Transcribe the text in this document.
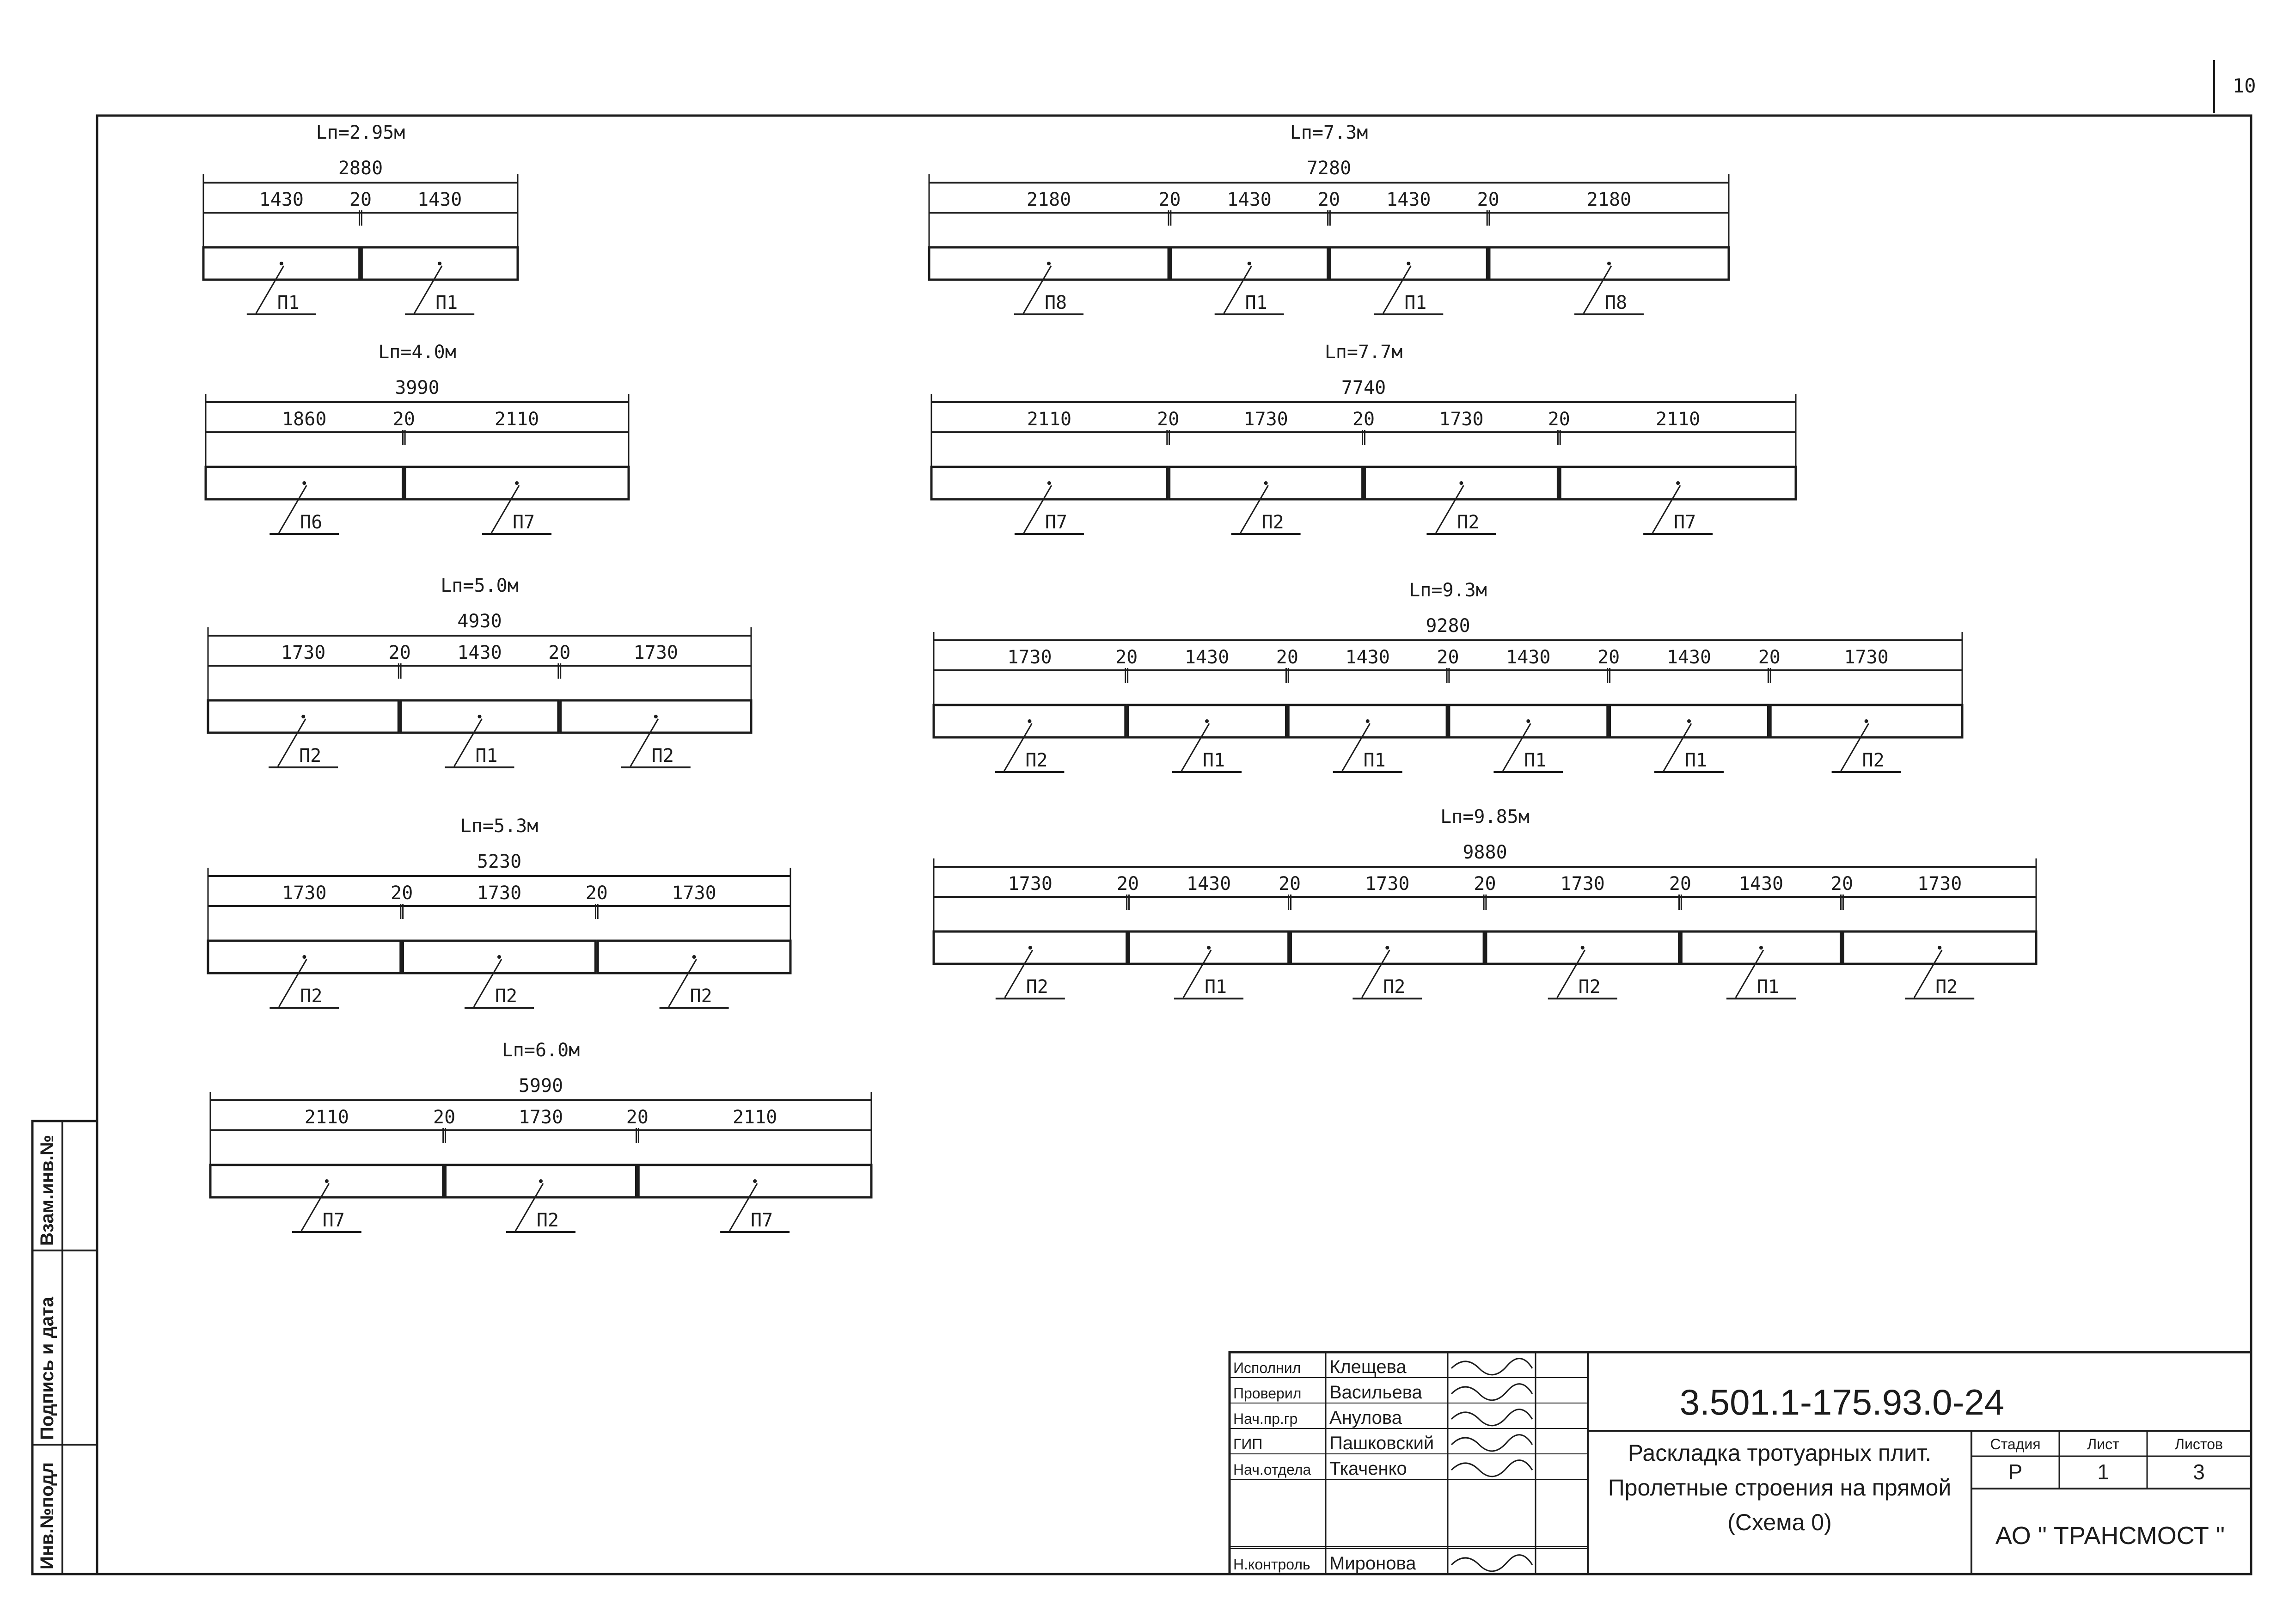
10
Инв.№подл
Подпись и дата
Взам.инв.№
Lп=2.95м
2880
1430
П1
20 1430
П1
Lп=4.0м
3990
1860
П6
20	2110
П7
Lп=5.0м
4930
1730
П2
20	1430
П1
20	1730
П2
Lп=5.3м
5230
1730
П2
20	1730
П2
20	1730
П2
Lп=6.0м
5990
2110
П7
20	1730
П2
20	2110
П7
Lп=7.3м
7280
2180
П8
20	1430
П1
20	1430
П1
20	2180
П8
Lп=7.7м
7740
2110
П7
20	1730
П2
20	1730
П2
20	2110
П7
Lп=9.3м
9280
1730
П2
20	1430
П1
20	1430
П1
20	1430
П1
20	1430
П1
20	1730
П2
Lп=9.85м
9880
1730
П2
20	1430
П1
20	1730
П2
20	1730
П2
20	1430
П1
20	1730
П2
Исполнил Клещева
Проверил Васильева
Нач.пр.гр Анулова
ГИП	Пашковский
Нач.отдела Ткаченко
Н.контроль Миронова
3.501.1-175.93.0-24
Раскладка тротуарных плит.
Пролетные строения на прямой
(Схема 0)
Стадия	Лист	Листов
Р	1	3
АО " ТРАНСМОСТ "
